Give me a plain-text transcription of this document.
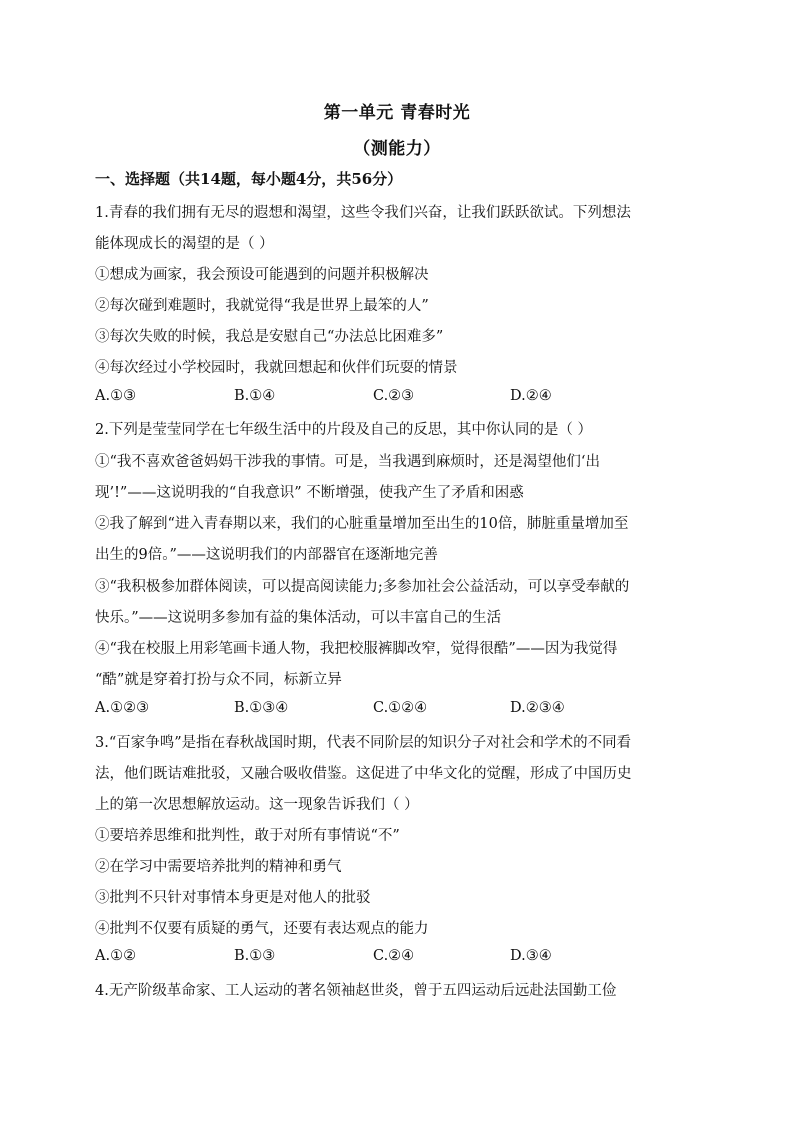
第一单元 青春时光
（测能力）
一、选择题（共14题，每小题4分，共56分）
1.青春的我们拥有无尽的遐想和渴望，这些令我们兴奋，让我们跃跃欲试。下列想法
能体现成长的渴望的是（ ）
①想成为画家，我会预设可能遇到的问题并积极解决
②每次碰到难题时，我就觉得“我是世界上最笨的人”
③每次失败的时候，我总是安慰自己“办法总比困难多”
④每次经过小学校园时，我就回想起和伙伴们玩耍的情景
A.①③	B.①④	C.②③	D.②④
2.下列是莹莹同学在七年级生活中的片段及自己的反思，其中你认同的是（ ）
①“我不喜欢爸爸妈妈干涉我的事情。可是，当我遇到麻烦时，还是渴望他们‘出
现’!”——这说明我的“自我意识” 不断增强，使我产生了矛盾和困惑
②我了解到“进入青春期以来，我们的心脏重量增加至出生的10倍，肺脏重量增加至
出生的9倍。”——这说明我们的内部器官在逐渐地完善
③“我积极参加群体阅读，可以提高阅读能力;多参加社会公益活动，可以享受奉献的
快乐。”——这说明多参加有益的集体活动，可以丰富自己的生活
④“我在校服上用彩笔画卡通人物，我把校服裤脚改窄，觉得很酷”——因为我觉得
“酷”就是穿着打扮与众不同，标新立异
A.①②③	B.①③④	C.①②④	D.②③④
3.“百家争鸣”是指在春秋战国时期，代表不同阶层的知识分子对社会和学术的不同看
法，他们既诘难批驳，又融合吸收借鉴。这促进了中华文化的觉醒，形成了中国历史
上的第一次思想解放运动。这一现象告诉我们（ ）
①要培养思维和批判性，敢于对所有事情说“不”
②在学习中需要培养批判的精神和勇气
③批判不只针对事情本身更是对他人的批驳
④批判不仅要有质疑的勇气，还要有表达观点的能力
A.①②	B.①③	C.②④	D.③④
4.无产阶级革命家、工人运动的著名领袖赵世炎，曾于五四运动后远赴法国勤工俭
